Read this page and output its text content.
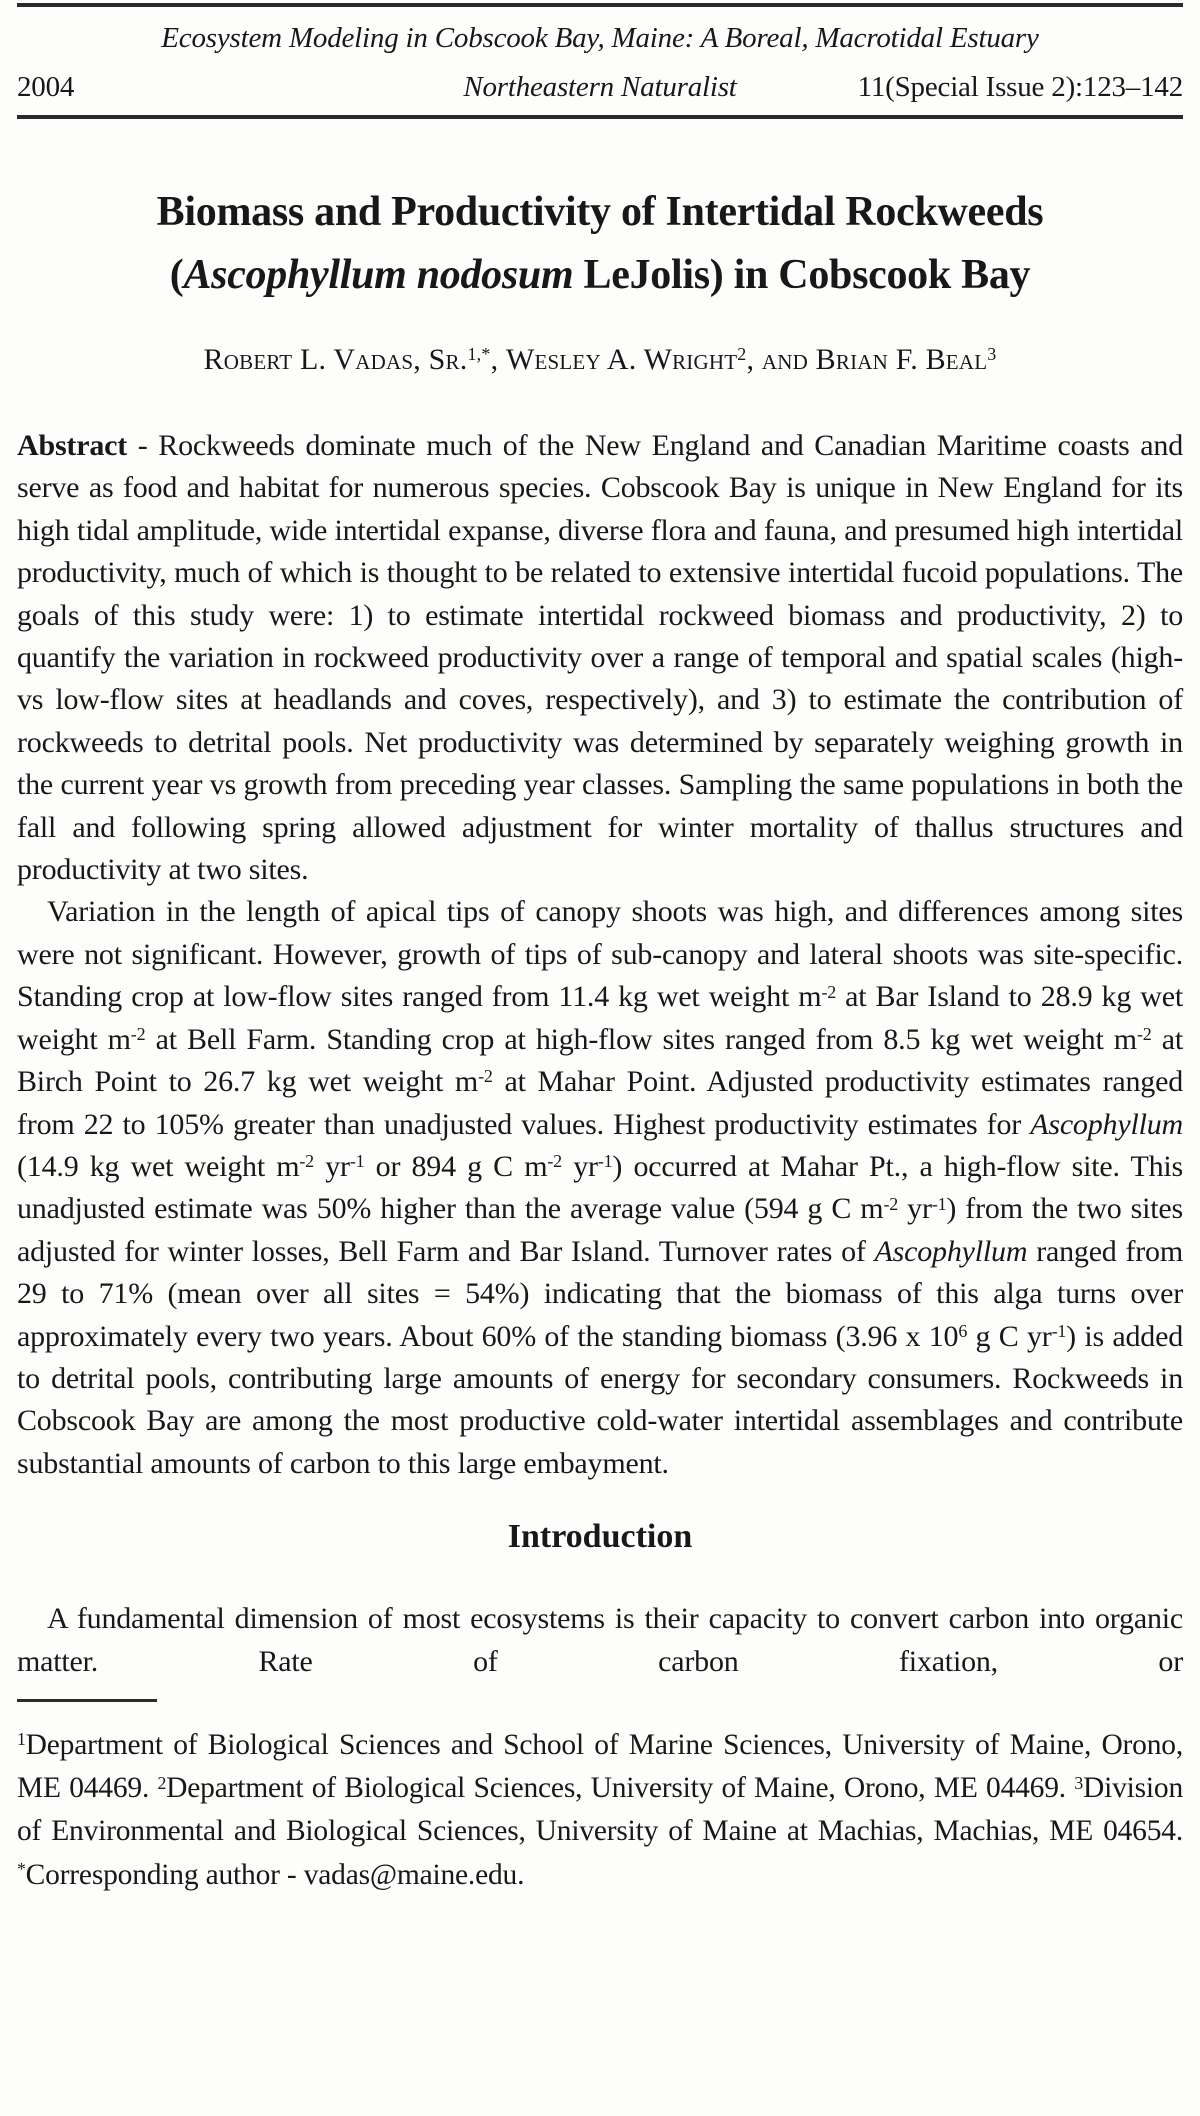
Ecosystem Modeling in Cobscook Bay, Maine: A Boreal, Macrotidal Estuary
2004	Northeastern Naturalist	11(Special Issue 2):123–142
Biomass and Productivity of Intertidal Rockweeds
(Ascophyllum nodosum LeJolis) in Cobscook Bay
Robert L. Vadas, Sr.$^{1,*}$, Wesley A. Wright$^2$, and Brian F. Beal$^3$

Abstract - Rockweeds dominate much of the New England and Canadian Maritime coasts and serve as food and habitat for numerous species. Cobscook Bay is unique in New England for its high tidal amplitude, wide intertidal expanse, diverse flora and fauna, and presumed high intertidal productivity, much of which is thought to be related to extensive intertidal fucoid populations. The goals of this study were: 1) to estimate intertidal rockweed biomass and productivity, 2) to quantify the variation in rockweed productivity over a range of temporal and spatial scales (high- vs low-flow sites at headlands and coves, respectively), and 3) to estimate the contribution of rockweeds to detrital pools. Net productivity was determined by separately weighing growth in the current year vs growth from preceding year classes. Sampling the same populations in both the fall and following spring allowed adjustment for winter mortality of thallus structures and productivity at two sites.

Variation in the length of apical tips of canopy shoots was high, and differences among sites were not significant. However, growth of tips of sub-canopy and lateral shoots was site-specific. Standing crop at low-flow sites ranged from 11.4 kg wet weight $m^{-2}$ at Bar Island to 28.9 kg wet weight $m^{-2}$ at Bell Farm. Standing crop at high-flow sites ranged from 8.5 kg wet weight $m^{-2}$ at Birch Point to 26.7 kg wet weight $m^{-2}$ at Mahar Point. Adjusted productivity estimates ranged from 22 to 105% greater than unadjusted values. Highest productivity estimates for Ascophyllum (14.9 kg wet weight $m^{-2}$ $yr^{-1}$ or 894 g C $m^{-2}$ $yr^{-1}$) occurred at Mahar Pt., a high-flow site. This unadjusted estimate was 50% higher than the average value (594 g C $m^{-2}$ $yr^{-1}$) from the two sites adjusted for winter losses, Bell Farm and Bar Island. Turnover rates of Ascophyllum ranged from 29 to 71% (mean over all sites = 54%) indicating that the biomass of this alga turns over approximately every two years. About 60% of the standing biomass (3.96 x $10^6$ g C $yr^{-1}$) is added to detrital pools, contributing large amounts of energy for secondary consumers. Rockweeds in Cobscook Bay are among the most productive cold-water intertidal assemblages and contribute substantial amounts of carbon to this large embayment.

Introduction

A fundamental dimension of most ecosystems is their capacity to convert carbon into organic matter. Rate of carbon fixation, or

$^1$Department of Biological Sciences and School of Marine Sciences, University of Maine, Orono, ME 04469. $^2$Department of Biological Sciences, University of Maine, Orono, ME 04469. $^3$Division of Environmental and Biological Sciences, University of Maine at Machias, Machias, ME 04654. *Corresponding author - vadas@maine.edu.
